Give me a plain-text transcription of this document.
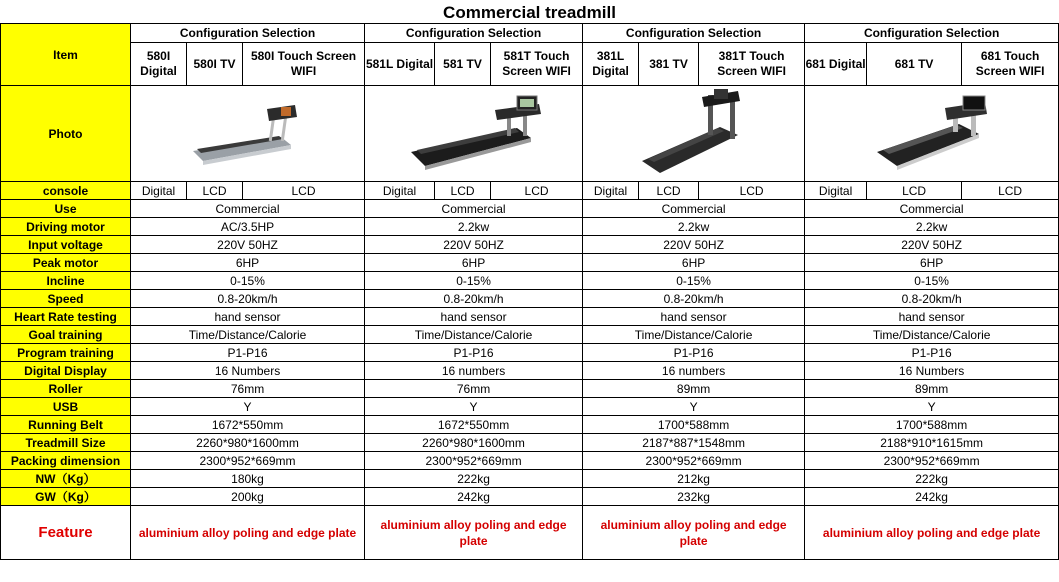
Commercial treadmill
Item	Configuration Selection			Configuration Selection			Configuration Selection			Configuration Selection		
	580I Digital	580I TV	580I Touch Screen WIFI	581L Digital	581 TV	581T Touch Screen WIFI	381L Digital	381 TV	381T Touch Screen WIFI	681 Digital	681 TV	681 Touch Screen WIFI
Photo	

console	Digital	LCD	LCD	Digital	LCD	LCD	Digital	LCD	LCD	Digital	LCD	LCD
Use	Commercial			Commercial			Commercial			Commercial		
Driving motor	AC/3.5HP			2.2kw			2.2kw			2.2kw		
Input voltage	220V 50HZ			220V 50HZ			220V 50HZ			220V 50HZ		
Peak motor	6HP			6HP			6HP			6HP		
Incline	0-15%			0-15%			0-15%			0-15%		
Speed	0.8-20km/h			0.8-20km/h			0.8-20km/h			0.8-20km/h		
Heart Rate testing	hand sensor			hand sensor			hand sensor			hand sensor		
Goal training	Time/Distance/Calorie			Time/Distance/Calorie			Time/Distance/Calorie			Time/Distance/Calorie		
Program training	P1-P16			P1-P16			P1-P16			P1-P16		
Digital Display	16 Numbers			16 numbers			16 numbers			16 Numbers		
Roller	76mm			76mm			89mm			89mm		
USB	Y			Y			Y			Y		
Running Belt	1672*550mm			1672*550mm			1700*588mm			1700*588mm		
Treadmill Size	2260*980*1600mm			2260*980*1600mm			2187*887*1548mm			2188*910*1615mm		
Packing dimension	2300*952*669mm			2300*952*669mm			2300*952*669mm			2300*952*669mm		
NW（Kg）	180kg			222kg			212kg			222kg		
GW（Kg）	200kg			242kg			232kg			242kg		
Feature	aluminium alloy poling and edge plate			aluminium alloy poling and edge plate			aluminium alloy poling and edge plate			aluminium alloy poling and edge plate		
